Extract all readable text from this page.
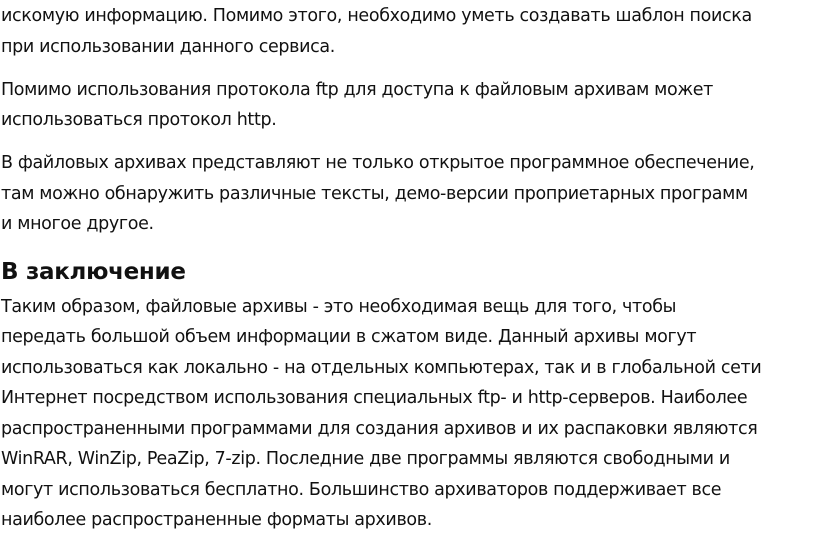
искомую информацию. Помимо этого, необходимо уметь создавать шаблон поиска
при использовании данного сервиса.
Помимо использования протокола ftp для доступа к файловым архивам может
использоваться протокол http.
В файловых архивах представляют не только открытое программное обеспечение,
там можно обнаружить различные тексты, демо-версии проприетарных программ
и многое другое.
В заключение
Таким образом, файловые архивы - это необходимая вещь для того, чтобы
передать большой объем информации в сжатом виде. Данный архивы могут
использоваться как локально - на отдельных компьютерах, так и в глобальной сети
Интернет посредством использования специальных ftp- и http-серверов. Наиболее
распространенными программами для создания архивов и их распаковки являются
WinRAR, WinZip, PeaZip, 7-zip. Последние две программы являются свободными и
могут использоваться бесплатно. Большинство архиваторов поддерживает все
наиболее распространенные форматы архивов.
